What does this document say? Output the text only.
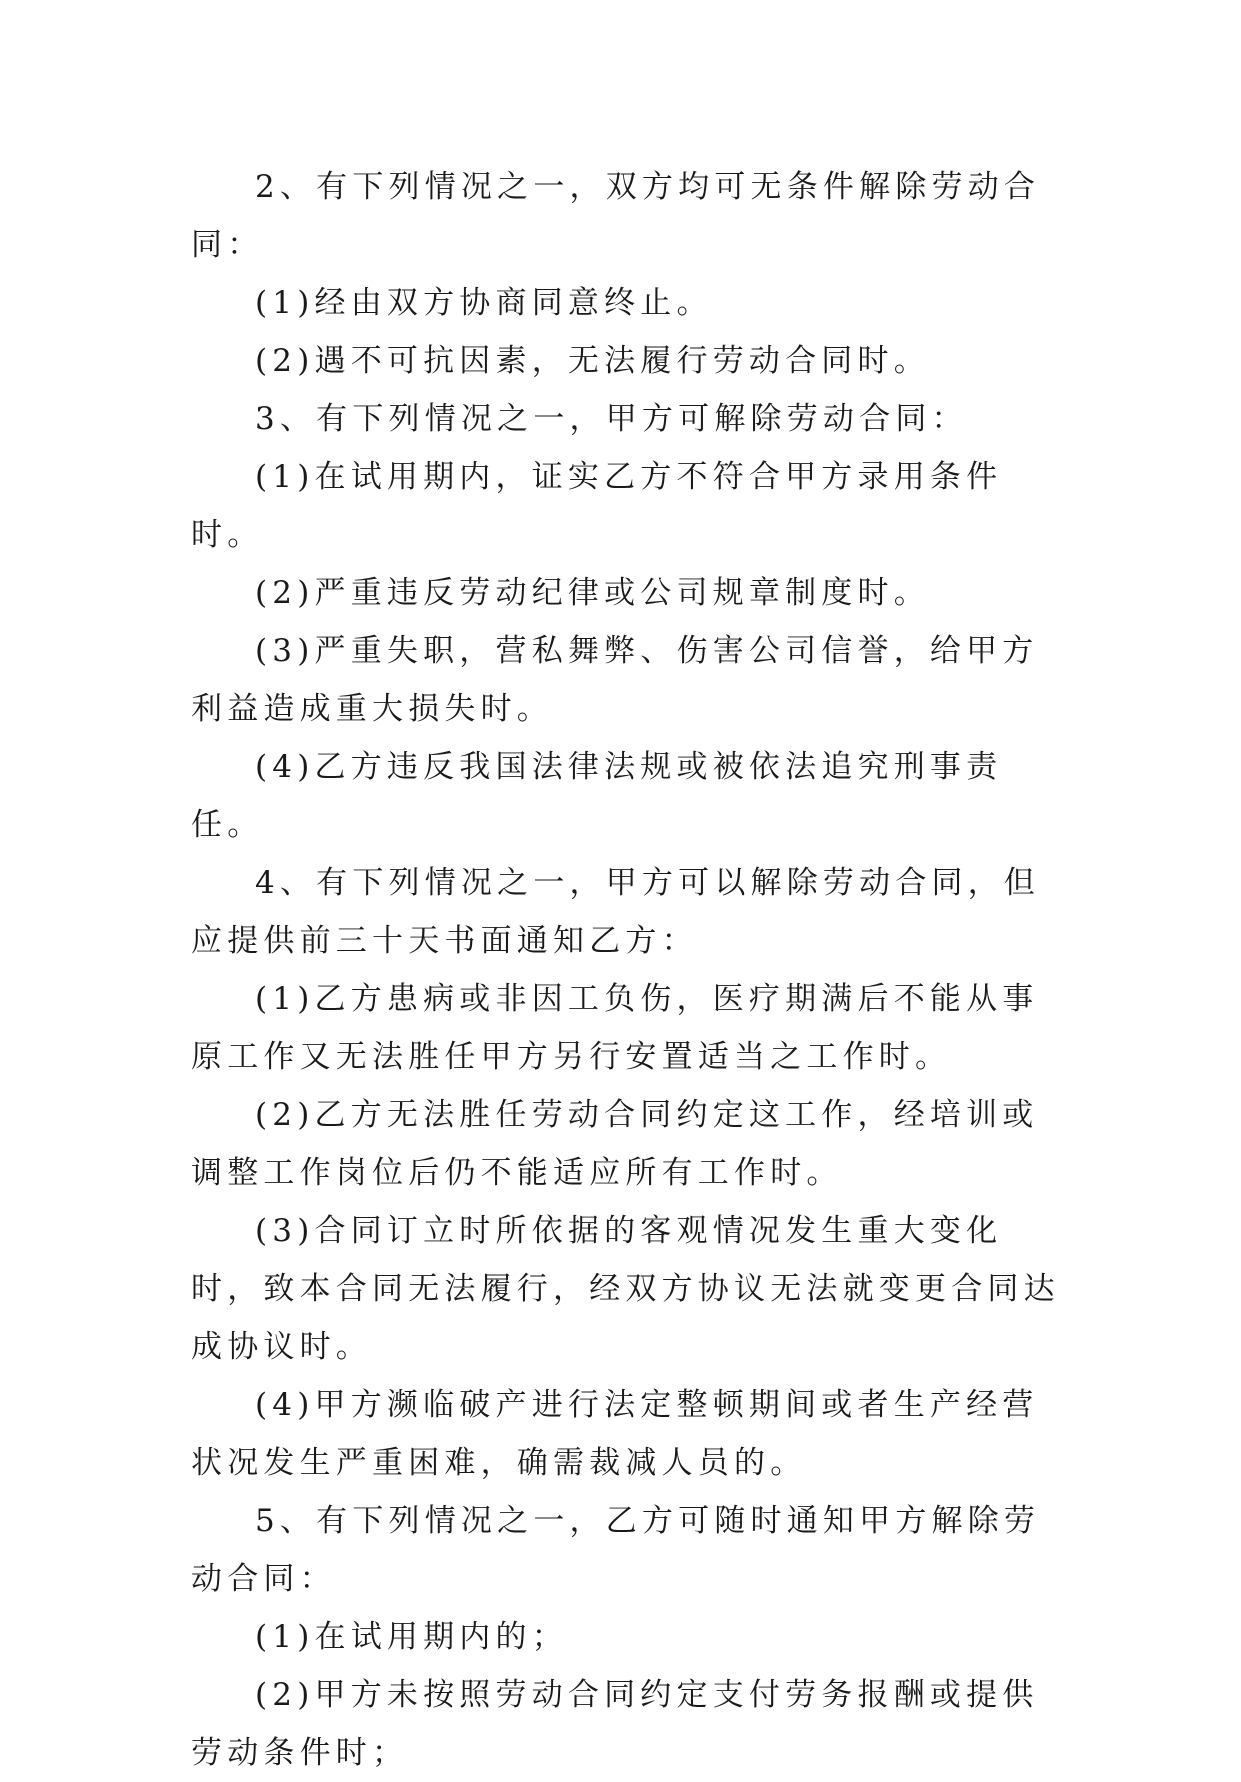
2、有下列情况之一，双方均可无条件解除劳动合同：

(1)经由双方协商同意终止。

(2)遇不可抗因素，无法履行劳动合同时。

3、有下列情况之一，甲方可解除劳动合同：

(1)在试用期内，证实乙方不符合甲方录用条件时。

(2)严重违反劳动纪律或公司规章制度时。

(3)严重失职，营私舞弊、伤害公司信誉，给甲方利益造成重大损失时。

(4)乙方违反我国法律法规或被依法追究刑事责任。

4、有下列情况之一，甲方可以解除劳动合同，但应提供前三十天书面通知乙方：

(1)乙方患病或非因工负伤，医疗期满后不能从事原工作又无法胜任甲方另行安置适当之工作时。

(2)乙方无法胜任劳动合同约定这工作，经培训或调整工作岗位后仍不能适应所有工作时。

(3)合同订立时所依据的客观情况发生重大变化时，致本合同无法履行，经双方协议无法就变更合同达成协议时。

(4)甲方濒临破产进行法定整顿期间或者生产经营状况发生严重困难，确需裁减人员的。

5、有下列情况之一，乙方可随时通知甲方解除劳动合同：

(1)在试用期内的；

(2)甲方未按照劳动合同约定支付劳务报酬或提供劳动条件时；
